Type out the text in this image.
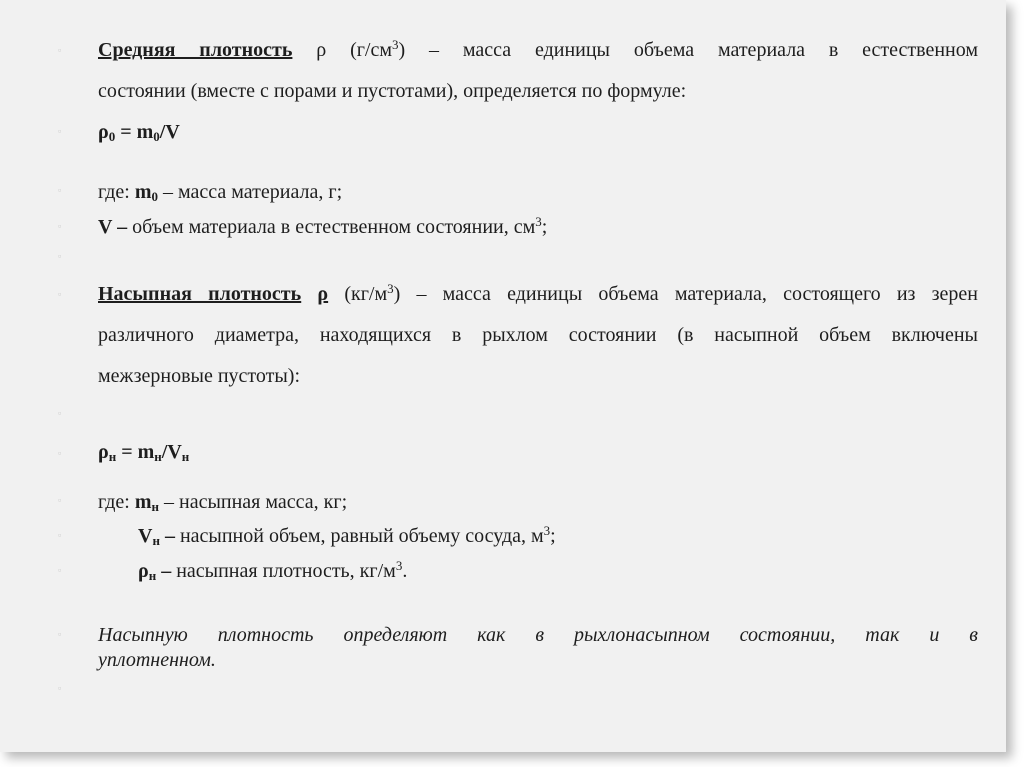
▫
▫
▫
▫
▫
▫
▫
▫
▫
▫
▫
▫
▫
Средняя плотность ρ $(г/см^3)$ – масса единицы объема материала в естественном
состоянии (вместе с порами и пустотами), определяется по формуле:
$\rho_0 = m_0/V$
где: $m_0$ – масса материала, г;
V – объем материала в естественном состоянии, $см^3$;
Насыпная плотность ρ $(кг/м^3)$ – масса единицы объема материала, состоящего из зерен
различного диаметра, находящихся в рыхлом состоянии (в насыпной объем включены
межзерновые пустоты):
$\rho_н = m_н/V_н$
где: $m_н$ – насыпная масса, кг;
$V_н$ – насыпной объем, равный объему сосуда, $м^3$;
$\rho_н$ – насыпная плотность, $кг/м^3$.
Насыпную плотность определяют как в рыхлонасыпном состоянии, так и в
уплотненном.
